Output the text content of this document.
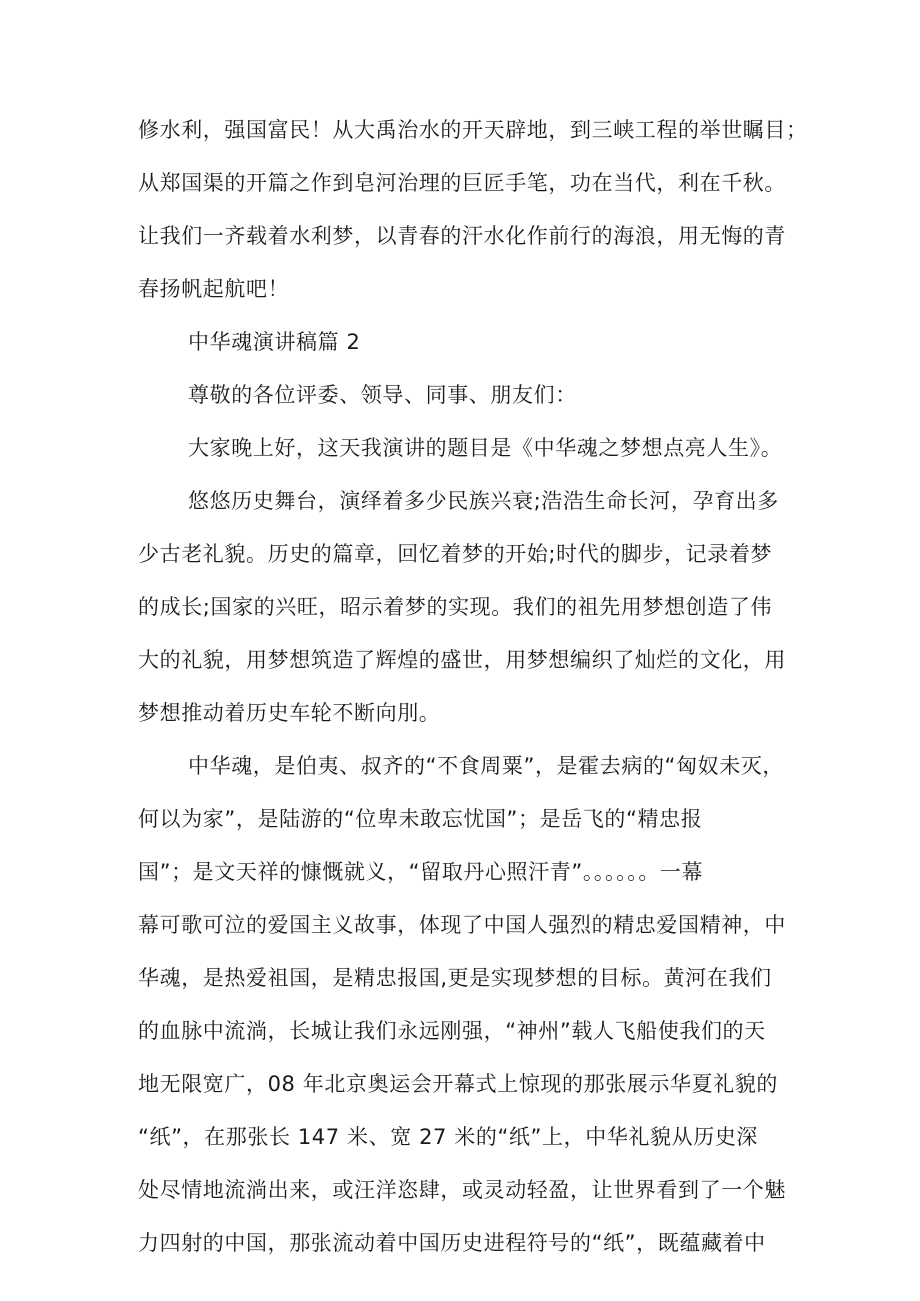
修水利，强国富民！从大禹治水的开天辟地，到三峡工程的举世瞩目；
从郑国渠的开篇之作到皂河治理的巨匠手笔，功在当代，利在千秋。
让我们一齐载着水利梦，以青春的汗水化作前行的海浪，用无悔的青
春扬帆起航吧！
中华魂演讲稿篇 2
尊敬的各位评委、领导、同事、朋友们：
大家晚上好，这天我演讲的题目是《中华魂之梦想点亮人生》。
悠悠历史舞台，演绎着多少民族兴衰;浩浩生命长河，孕育出多
少古老礼貌。历史的篇章，回忆着梦的开始;时代的脚步，记录着梦
的成长;国家的兴旺，昭示着梦的实现。我们的祖先用梦想创造了伟
大的礼貌，用梦想筑造了辉煌的盛世，用梦想编织了灿烂的文化，用
梦想推动着历史车轮不断向刖。
中华魂，是伯夷、叔齐的“不食周粟”，是霍去病的“匈奴未灭，
何以为家”，是陆游的“位卑未敢忘忧国”；是岳飞的“精忠报
国”；是文天祥的慷慨就义，“留取丹心照汗青”。。。。。。一幕
幕可歌可泣的爱国主义故事，体现了中国人强烈的精忠爱国精神，中
华魂，是热爱祖国，是精忠报国,更是实现梦想的目标。黄河在我们
的血脉中流淌，长城让我们永远刚强，“神州”载人飞船使我们的天
地无限宽广，08 年北京奥运会开幕式上惊现的那张展示华夏礼貌的
“纸”，在那张长 147 米、宽 27 米的“纸”上，中华礼貌从历史深
处尽情地流淌出来，或汪洋恣肆，或灵动轻盈，让世界看到了一个魅
力四射的中国，那张流动着中国历史进程符号的“纸”，既蕴藏着中
